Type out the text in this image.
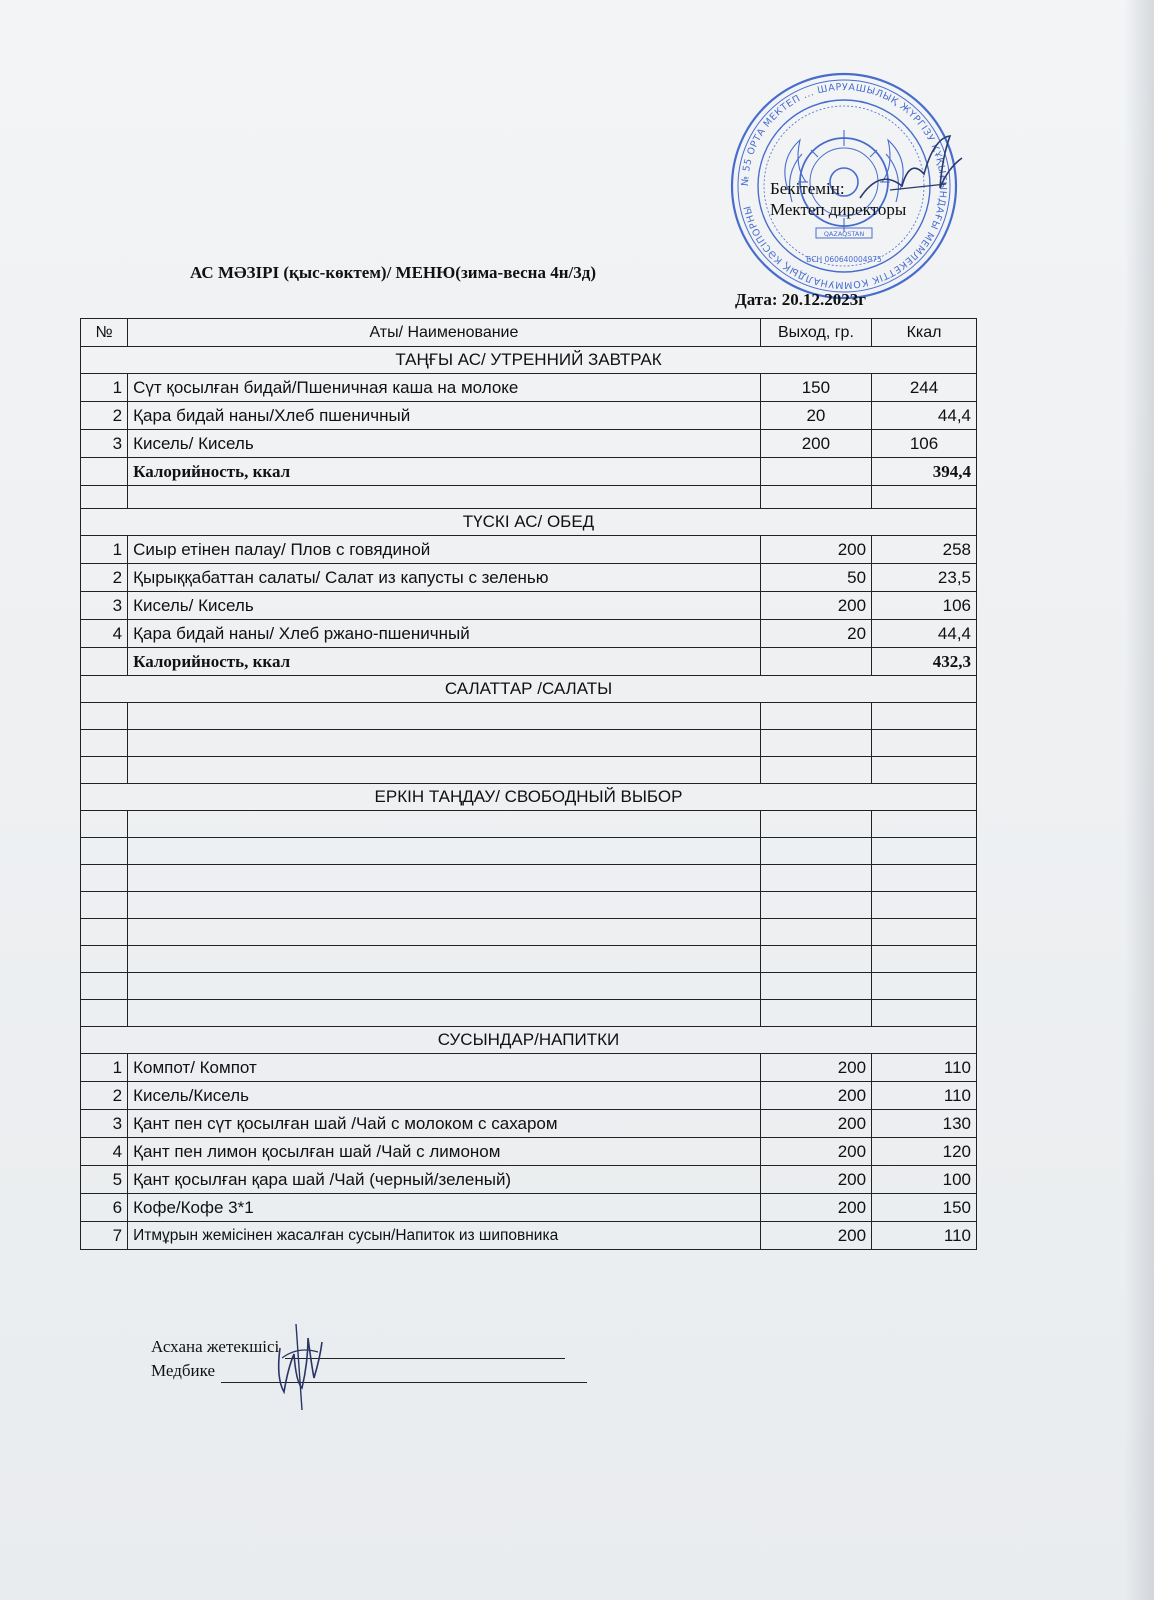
№ 55 ОРТА МЕКТЕП ... ШАРУАШЫЛЫҚ ЖҮРГІЗУ ҚҰҚЫҒЫНДАҒЫ МЕМЛЕКЕТТІК КОММУНАЛДЫҚ КӘСІПОРНЫ
QAZAQSTAN
БСН 060640004975
Бекітемін:
Мектеп директоры
АС МӘЗІРІ (қыс-көктем)/ МЕНЮ(зима-весна 4н/3д)
Дата: 20.12.2023г
№	Аты/ Наименование	Выход, гр.	Ккал
ТАҢҒЫ АС/ УТРЕННИЙ ЗАВТРАК			
1	Сүт қосылған бидай/Пшеничная каша на молоке	150	244
2	Қара бидай наны/Хлеб пшеничный	20	44,4
3	Кисель/ Кисель	200	106
	Калорийность, ккал		394,4

ТҮСКІ АС/ ОБЕД			
1	Сиыр етінен палау/ Плов с говядиной	200	258
2	Қырыққабаттан салаты/ Салат из капусты с зеленью	50	23,5
3	Кисель/ Кисель	200	106
4	Қара бидай наны/ Хлеб ржано-пшеничный	20	44,4
	Калорийность, ккал		432,3
САЛАТТАР /САЛАТЫ			

ЕРКІН ТАҢДАУ/ СВОБОДНЫЙ ВЫБОР			

СУСЫНДАР/НАПИТКИ			
1	Компот/ Компот	200	110
2	Кисель/Кисель	200	110
3	Қант пен сүт қосылған шай /Чай с молоком с сахаром	200	130
4	Қант пен лимон қосылған шай /Чай с лимоном	200	120
5	Қант қосылған қара шай /Чай (черный/зеленый)	200	100
6	Кофе/Кофе 3*1	200	150
7	Итмұрын жемісінен жасалған сусын/Напиток из шиповника	200	110
Асхана жетекшісі
Медбике
